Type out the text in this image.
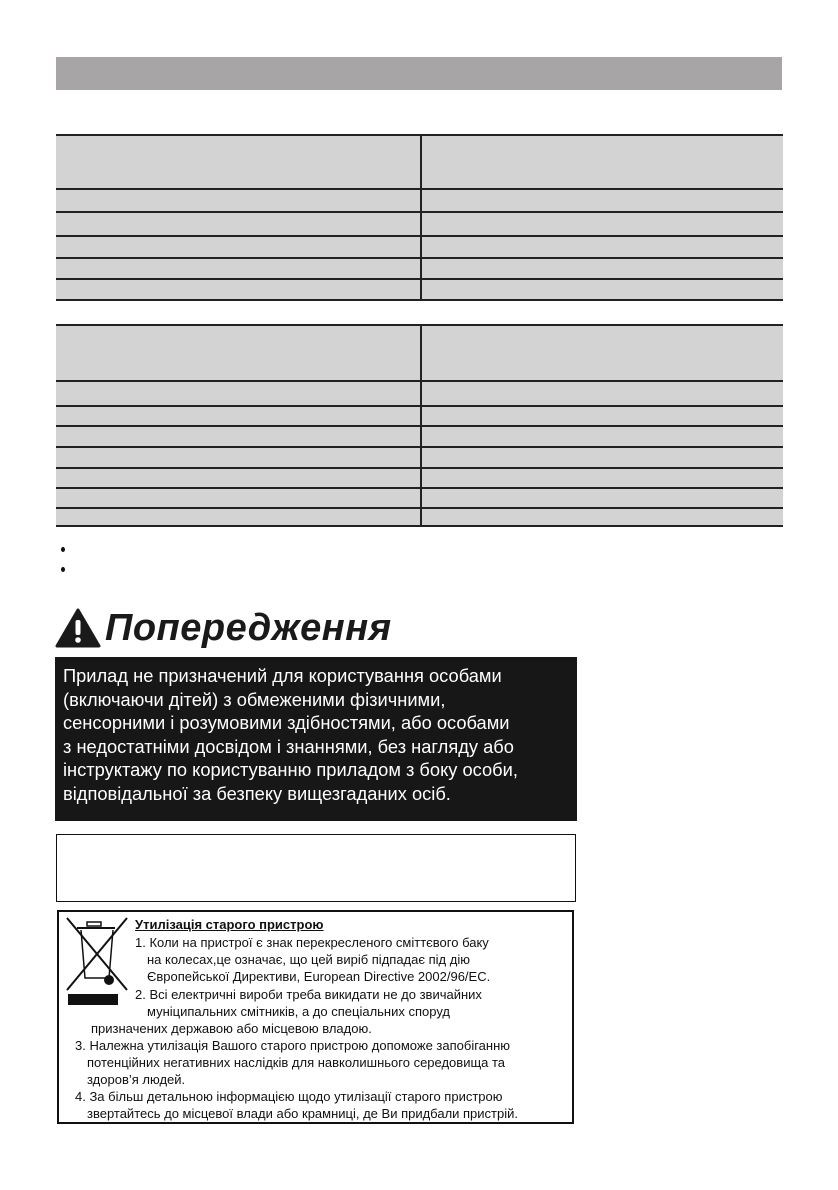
Попередження
Прилад не призначений для користування особами
(включаючи дітей) з обмеженими фізичними,
сенсорними і розумовими здібностями, або особами
з недостатніми досвідом і знаннями, без нагляду або
інструктажу по користуванню приладом з боку особи,
відповідальної за безпеку вищезгаданих осіб.
Утилізація старого пристрою
1. Коли на пристрої є знак перекресленого сміттєвого баку
на колесах,це означає, що цей виріб підпадає під дію
Європейської Директиви, European Directive 2002/96/EC.
2. Всі електричні вироби треба викидати не до звичайних
муніципальних смітників, а до спеціальних споруд
призначених державою або місцевою владою.
3. Належна утилізація Вашого старого пристрою допоможе запобіганню
потенційних негативних наслідків для навколишнього середовища та
здоров’я людей.
4. За більш детальною інформацією щодо утилізації старого пристрою
звертайтесь до місцевої влади або крамниці, де Ви придбали пристрій.
